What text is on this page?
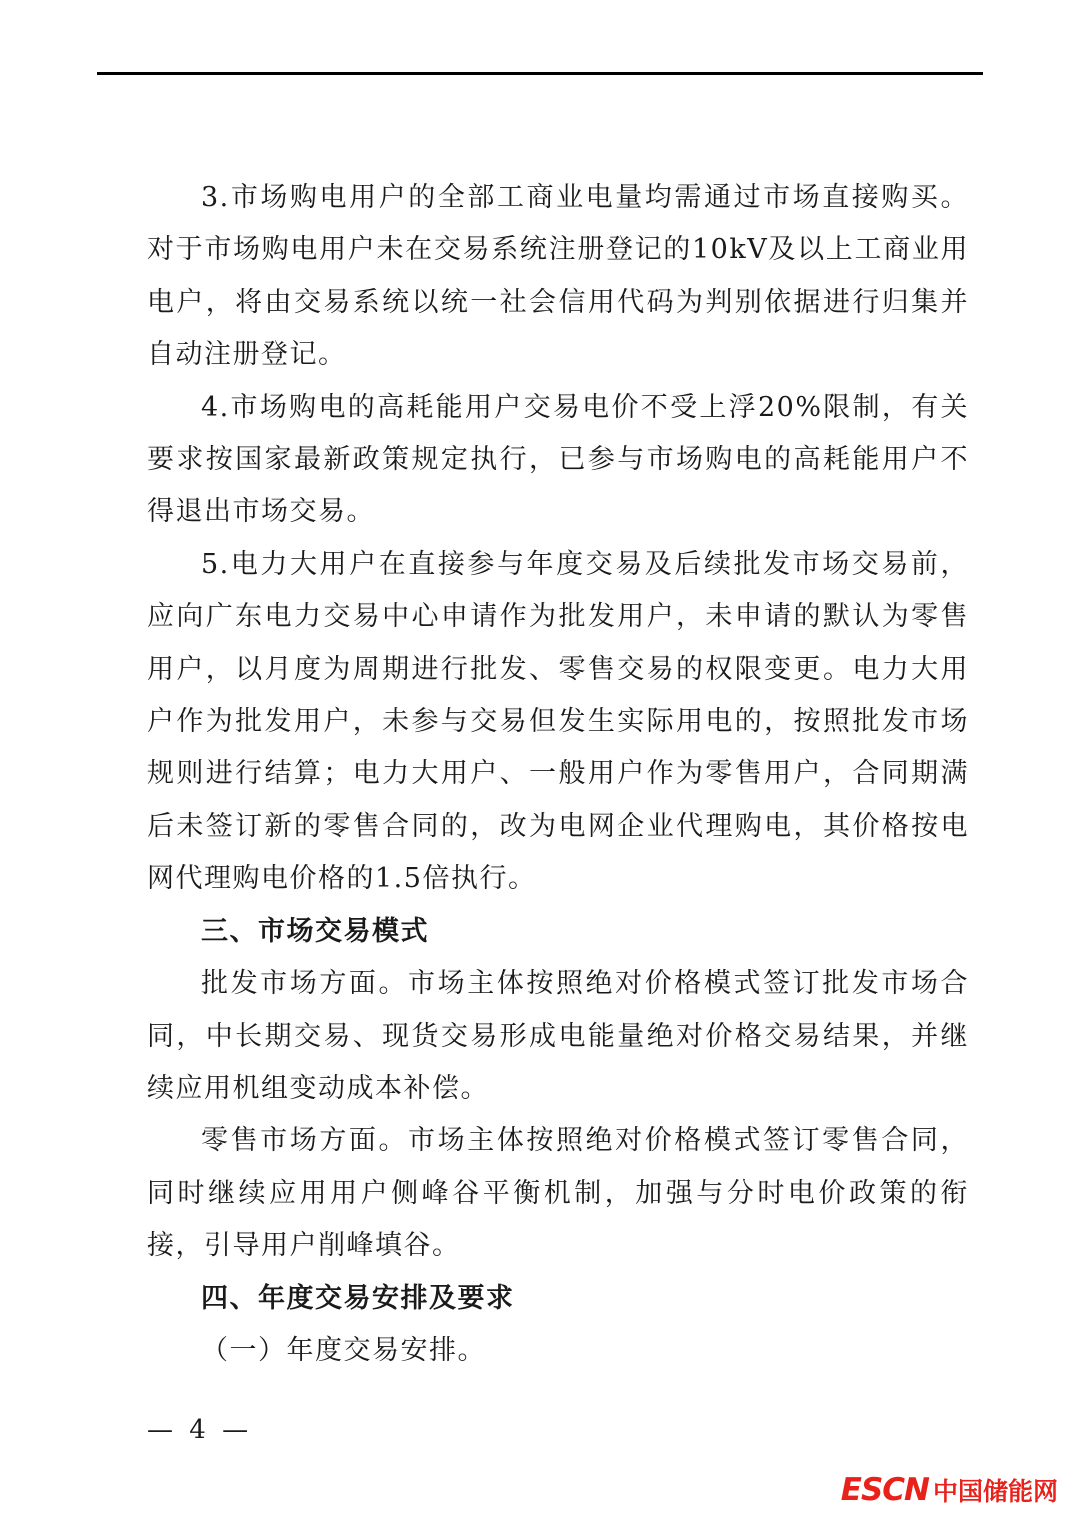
3.市场购电用户的全部工商业电量均需通过市场直接购买。对于市场购电用户未在交易系统注册登记的10kV及以上工商业用电户，将由交易系统以统一社会信用代码为判别依据进行归集并自动注册登记。

4.市场购电的高耗能用户交易电价不受上浮20%限制，有关要求按国家最新政策规定执行，已参与市场购电的高耗能用户不得退出市场交易。

5.电力大用户在直接参与年度交易及后续批发市场交易前，应向广东电力交易中心申请作为批发用户，未申请的默认为零售用户，以月度为周期进行批发、零售交易的权限变更。电力大用户作为批发用户，未参与交易但发生实际用电的，按照批发市场规则进行结算；电力大用户、一般用户作为零售用户，合同期满后未签订新的零售合同的，改为电网企业代理购电，其价格按电网代理购电价格的1.5倍执行。

三、市场交易模式

批发市场方面。市场主体按照绝对价格模式签订批发市场合同，中长期交易、现货交易形成电能量绝对价格交易结果，并继续应用机组变动成本补偿。

零售市场方面。市场主体按照绝对价格模式签订零售合同，同时继续应用用户侧峰谷平衡机制，加强与分时电价政策的衔接，引导用户削峰填谷。

四、年度交易安排及要求

（一）年度交易安排。

— 4 —
ESCN 中国储能网
